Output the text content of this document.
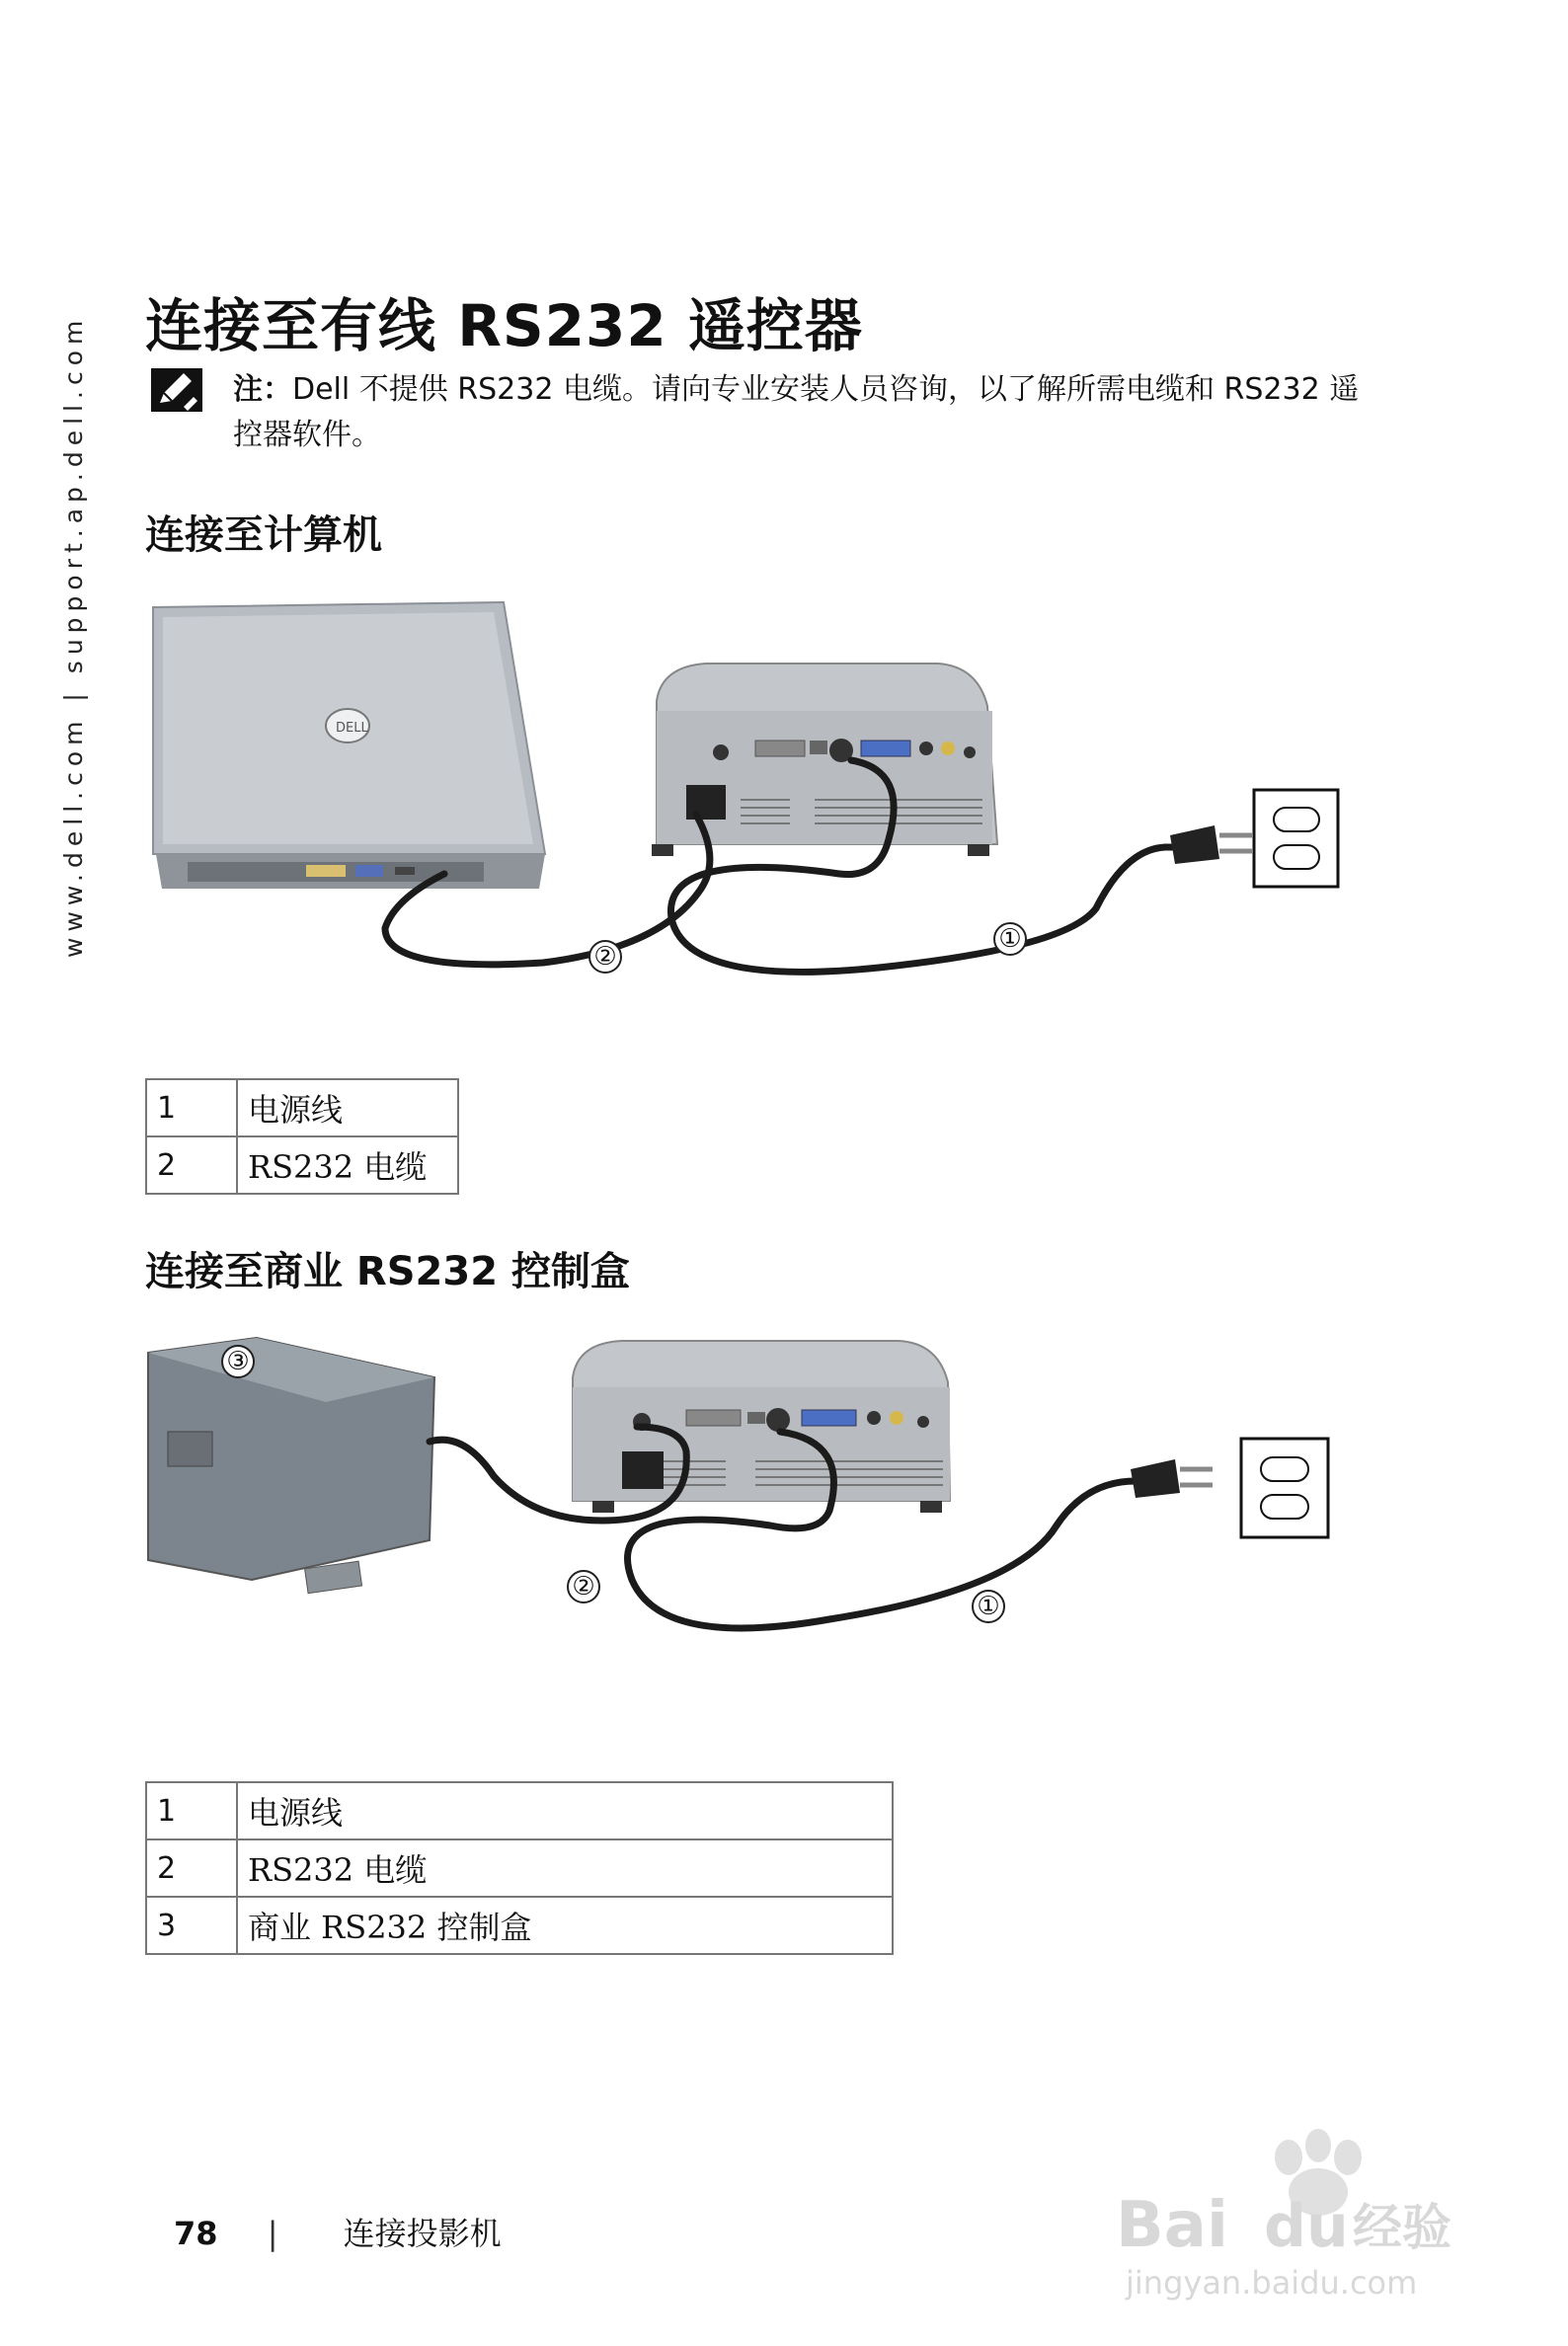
www.dell.com | support.ap.dell.com 连接至有线 RS232 遥控器
注：Dell 不提供 RS232 电缆。请向专业安装人员咨询，以了解所需电缆和 RS232 遥控器软件。
连接至计算机
DELL
②
①
1	电源线
2	RS232 电缆
连接至商业 RS232 控制盒
③
②
①
1	电源线
2	RS232 电缆
3	商业 RS232 控制盒
78 | 连接投影机	Bai du 经验
jingyan.baidu.com
